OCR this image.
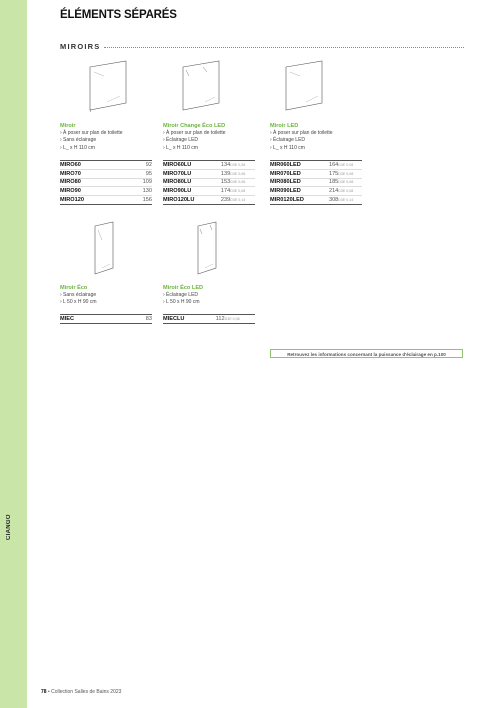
CIANGO
ÉLÉMENTS SÉPARÉS
MIROIRS
Miroir
› À poser sur plan de toilette
› Sans éclairage
› L_ x H 110 cm
MIRO60	92
MIRO70	95
MIRO80	109
MIRO90	130
MIRO120	156
Miroir Change Éco LED
› À poser sur plan de toilette
› Éclairage LED
› L_ x H 110 cm
MIRO60LU	134	D3E 0,08
MIRO70LU	139	D3E 0,08
MIRO80LU	153	D3E 0,08
MIRO90LU	174	D3E 0,08
MIRO120LU	239	D3E 0,14
Miroir LED
› À poser sur plan de toilette
› Éclairage LED
› L_ x H 110 cm
MIR060LED	164	D3E 0,08
MIR070LED	175	D3E 0,08
MIR080LED	185	D3E 0,08
MIR090LED	214	D3E 0,08
MIR0120LED	308	D3E 0,14
Miroir Éco
› Sans éclairage
› L 50 x H 90 cm
MIEC	83
Miroir Éco LED
› Éclairage LED
› L 50 x H 90 cm
MIECLU	112	D3E 0,08
Retrouvez les informations concernant la puissance d'éclairage en p.100
78 • Collection Salles de Bains 2023
